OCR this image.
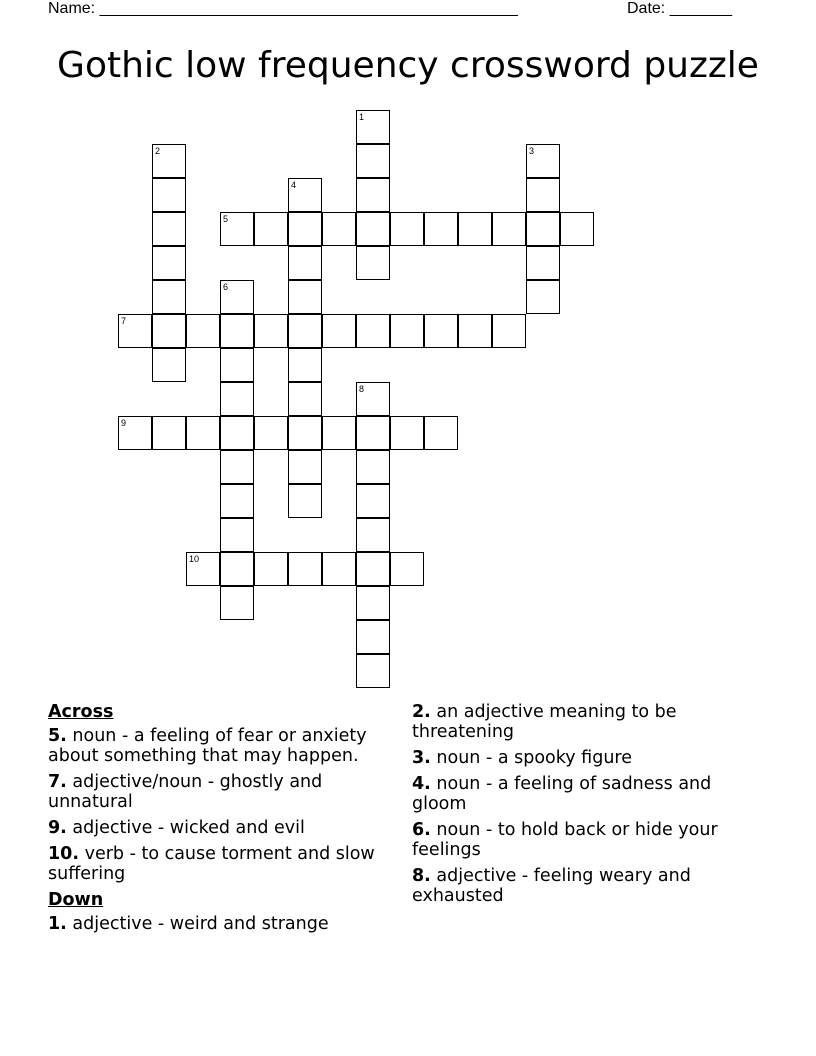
Name: _______________________________________________	Date: _______
Gothic low frequency crossword puzzle
1
2	3
4
5
6
7
8
9
10
Across
5. noun - a feeling of fear or anxiety about something that may happen.
7. adjective/noun - ghostly and unnatural
9. adjective - wicked and evil
10. verb - to cause torment and slow suffering
Down
1. adjective - weird and strange
2. an adjective meaning to be threatening
3. noun - a spooky figure
4. noun - a feeling of sadness and gloom
6. noun - to hold back or hide your feelings
8. adjective - feeling weary and exhausted
